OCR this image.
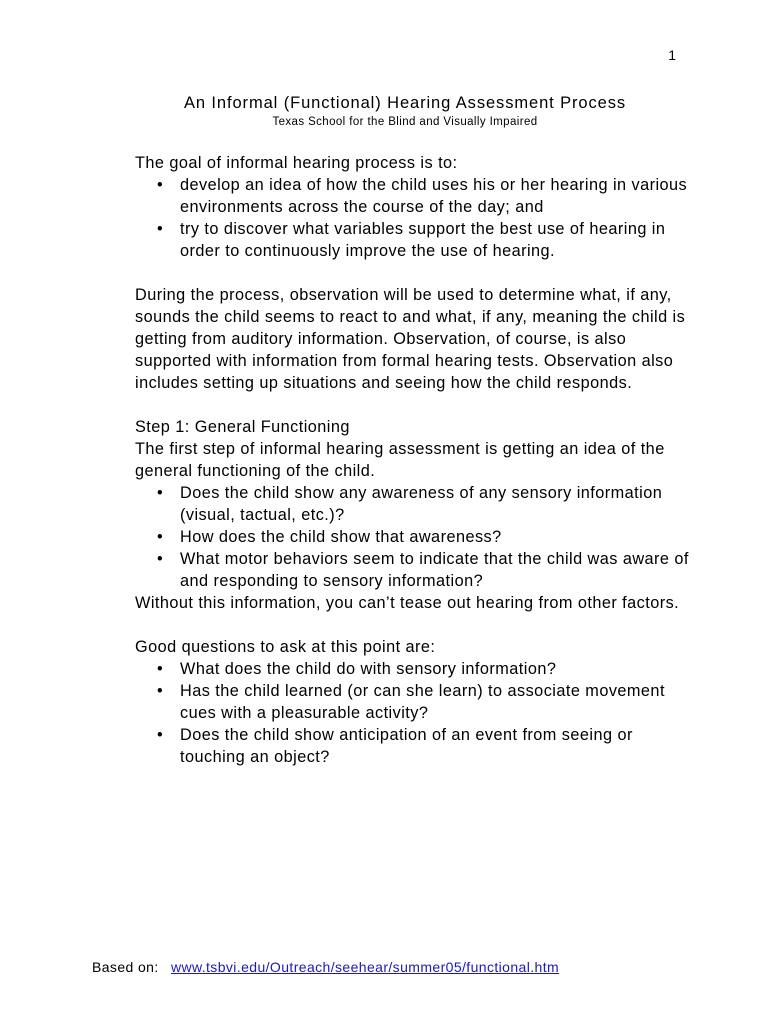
1
An Informal (Functional) Hearing Assessment Process
Texas School for the Blind and Visually Impaired

The goal of informal hearing process is to:

• develop an idea of how the child uses his or her hearing in various environments across the course of the day; and
• try to discover what variables support the best use of hearing in order to continuously improve the use of hearing.

During the process, observation will be used to determine what, if any, sounds the child seems to react to and what, if any, meaning the child is getting from auditory information. Observation, of course, is also supported with information from formal hearing tests. Observation also includes setting up situations and seeing how the child responds.

Step 1: General Functioning

The first step of informal hearing assessment is getting an idea of the general functioning of the child.

• Does the child show any awareness of any sensory information (visual, tactual, etc.)?
• How does the child show that awareness?
• What motor behaviors seem to indicate that the child was aware of and responding to sensory information?

Without this information, you can’t tease out hearing from other factors.

Good questions to ask at this point are:

• What does the child do with sensory information?
• Has the child learned (or can she learn) to associate movement cues with a pleasurable activity?
• Does the child show anticipation of an event from seeing or touching an object?
Based on: www.tsbvi.edu/Outreach/seehear/summer05/functional.htm
